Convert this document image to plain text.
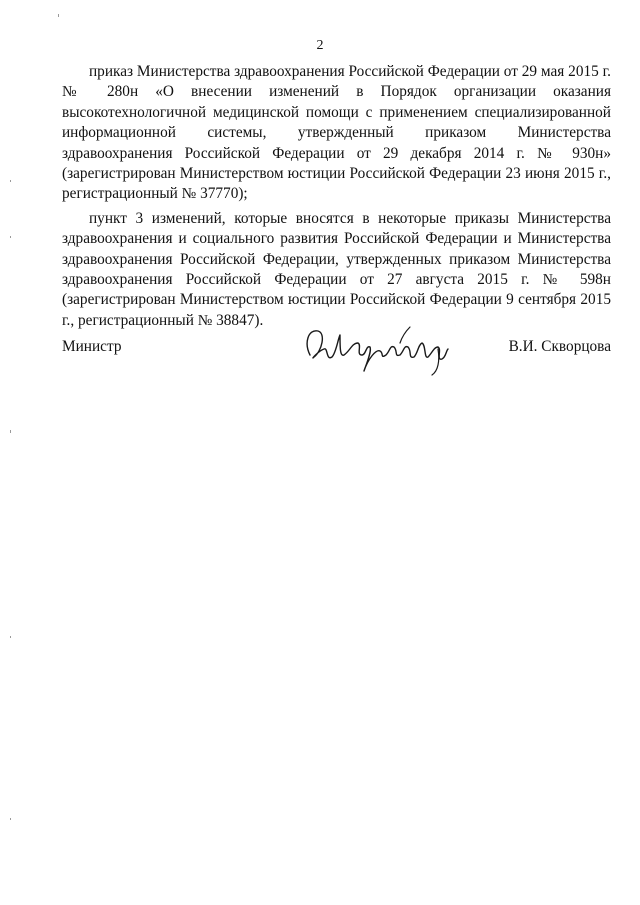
2

приказ Министерства здравоохранения Российской Федерации от 29 мая 2015 г. № 280н «О внесении изменений в Порядок организации оказания высокотехнологичной медицинской помощи с применением специализированной информационной системы, утвержденный приказом Министерства здравоохранения Российской Федерации от 29 декабря 2014 г. № 930н» (зарегистрирован Министерством юстиции Российской Федерации 23 июня 2015 г., регистрационный № 37770);

пункт 3 изменений, которые вносятся в некоторые приказы Министерства здравоохранения и социального развития Российской Федерации и Министерства здравоохранения Российской Федерации, утвержденных приказом Министерства здравоохранения Российской Федерации от 27 августа 2015 г. № 598н (зарегистрирован Министерством юстиции Российской Федерации 9 сентября 2015 г., регистрационный № 38847).

Министр	В.И. Скворцова
